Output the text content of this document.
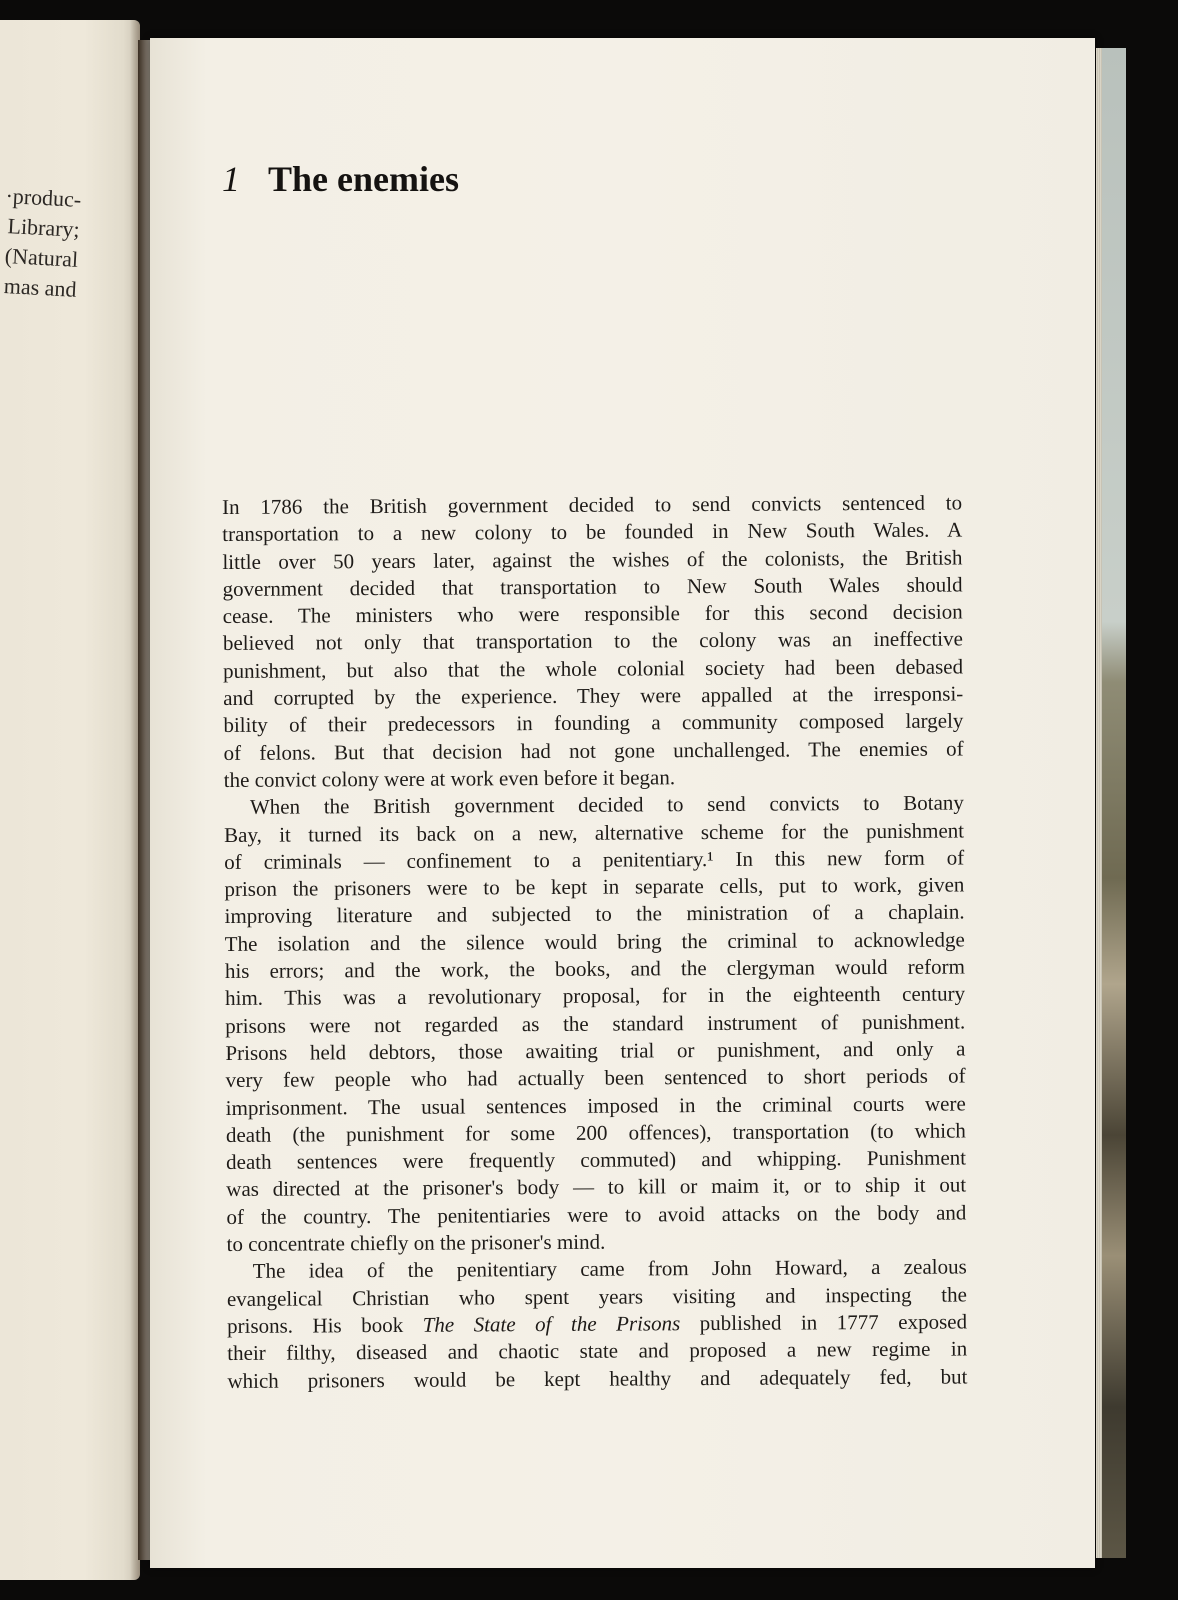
·produc-
Library;
(Natural
mas and
1 The enemies
In 1786 the British government decided to send convicts sentenced to
transportation to a new colony to be founded in New South Wales. A
little over 50 years later, against the wishes of the colonists, the British
government decided that transportation to New South Wales should
cease. The ministers who were responsible for this second decision
believed not only that transportation to the colony was an ineffective
punishment, but also that the whole colonial society had been debased
and corrupted by the experience. They were appalled at the irresponsi-
bility of their predecessors in founding a community composed largely
of felons. But that decision had not gone unchallenged. The enemies of
the convict colony were at work even before it began.
When the British government decided to send convicts to Botany
Bay, it turned its back on a new, alternative scheme for the punishment
of criminals — confinement to a penitentiary.¹ In this new form of
prison the prisoners were to be kept in separate cells, put to work, given
improving literature and subjected to the ministration of a chaplain.
The isolation and the silence would bring the criminal to acknowledge
his errors; and the work, the books, and the clergyman would reform
him. This was a revolutionary proposal, for in the eighteenth century
prisons were not regarded as the standard instrument of punishment.
Prisons held debtors, those awaiting trial or punishment, and only a
very few people who had actually been sentenced to short periods of
imprisonment. The usual sentences imposed in the criminal courts were
death (the punishment for some 200 offences), transportation (to which
death sentences were frequently commuted) and whipping. Punishment
was directed at the prisoner's body — to kill or maim it, or to ship it out
of the country. The penitentiaries were to avoid attacks on the body and
to concentrate chiefly on the prisoner's mind.
The idea of the penitentiary came from John Howard, a zealous
evangelical Christian who spent years visiting and inspecting the
prisons. His book The State of the Prisons published in 1777 exposed
their filthy, diseased and chaotic state and proposed a new regime in
which prisoners would be kept healthy and adequately fed, but
